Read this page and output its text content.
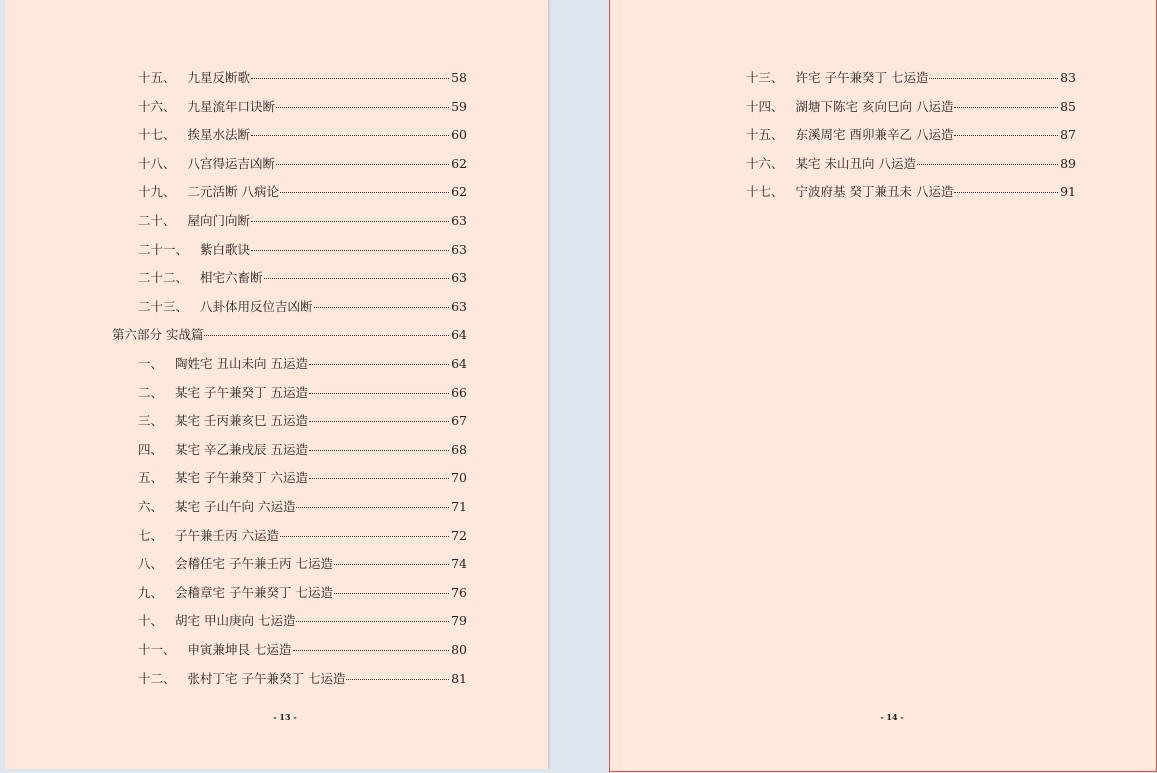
十五、 九星反断歌	58
十六、 九星流年口诀断	59
十七、 挨星水法断	60
十八、 八宫得运吉凶断	62
十九、 二元活断 八病论	62
二十、 屋向门向断	63
二十一、 紫白歌诀	63
二十二、 相宅六畜断	63
二十三、 八卦体用反位吉凶断	63
第六部分 实战篇	64
一、 陶姓宅 丑山未向 五运造	64
二、 某宅 子午兼癸丁 五运造	66
三、 某宅 壬丙兼亥巳 五运造	67
四、 某宅 辛乙兼戌辰 五运造	68
五、 某宅 子午兼癸丁 六运造	70
六、 某宅 子山午向 六运造	71
七、 子午兼壬丙 六运造	72
八、 会稽任宅 子午兼壬丙 七运造	74
九、 会稽章宅 子午兼癸丁 七运造	76
十、 胡宅 甲山庚向 七运造	79
十一、 申寅兼坤艮 七运造	80
十二、 张村丁宅 子午兼癸丁 七运造	81
- 13 -
十三、 许宅 子午兼癸丁 七运造	83
十四、 湖塘下陈宅 亥向巳向 八运造	85
十五、 东溪周宅 酉卯兼辛乙 八运造	87
十六、 某宅 未山丑向 八运造	89
十七、 宁波府基 癸丁兼丑未 八运造	91
- 14 -
